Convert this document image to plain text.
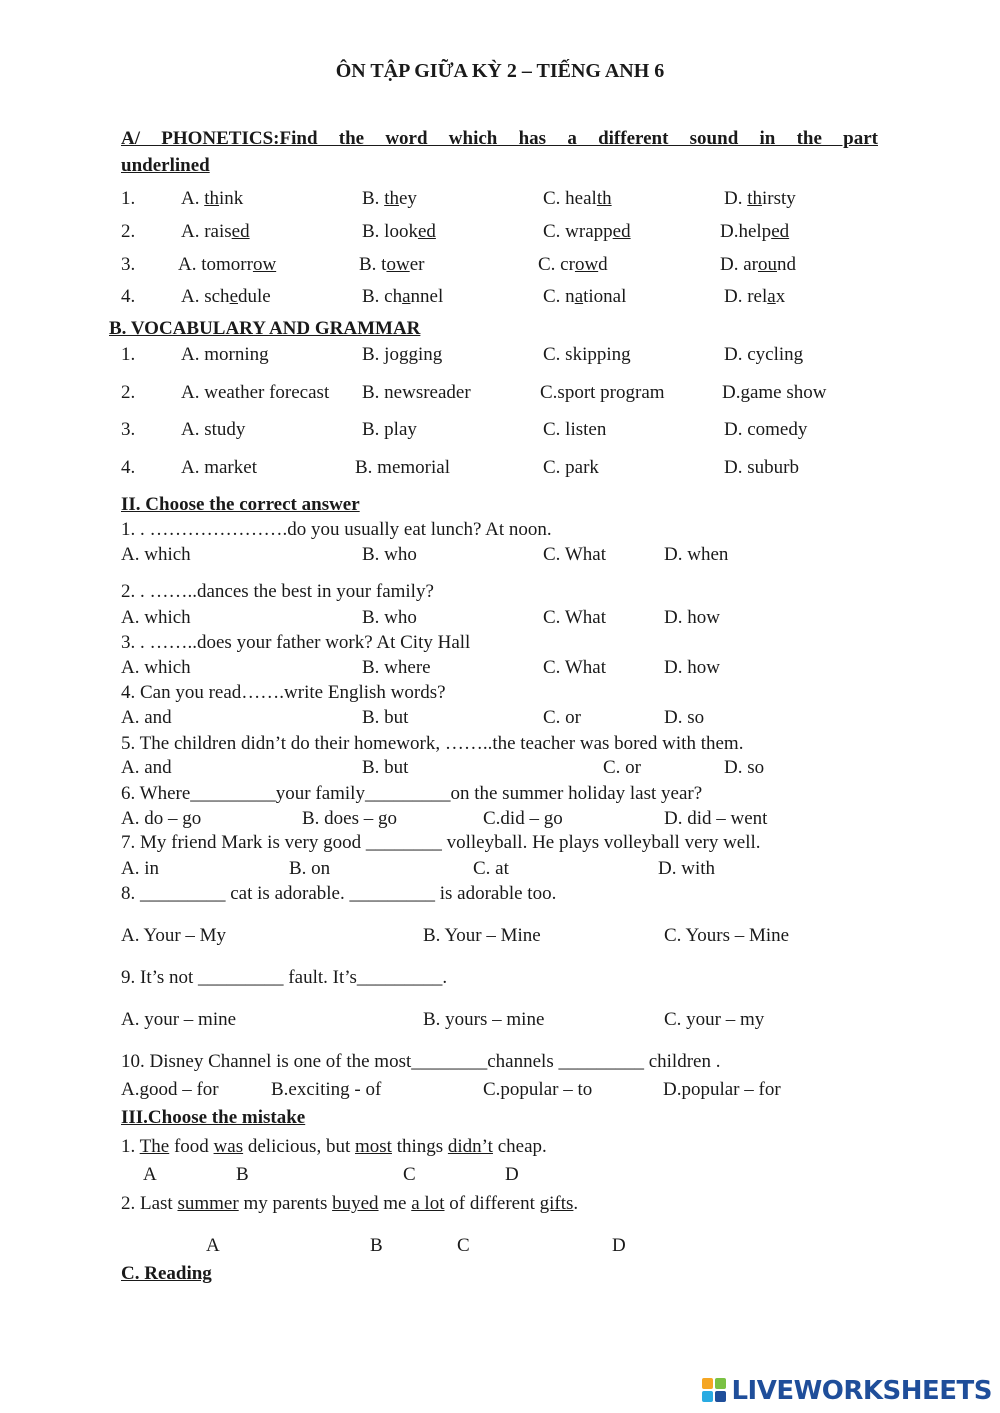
ÔN TẬP GIỮA KỲ 2 – TIẾNG ANH 6
A/ PHONETICS:Find the word which has a different sound in the part
underlined
1. A. think	B. they	C. health	D. thirsty
2. A. raised	B. looked	C. wrapped	D.helped
3. A. tomorrow	B. tower	C. crowd	D. around
4. A. schedule	B. channel	C. national	D. relax
B. VOCABULARY AND GRAMMAR
1. A. morning	B. jogging	C. skipping	D. cycling
2. A. weather forecast B. newsreader	C.sport program	D.game show
3. A. study	B. play	C. listen	D. comedy
4. A. market	B. memorial	C. park	D. suburb
II. Choose the correct answer
1. . ………………….do you usually eat lunch? At noon.
A. which	B. who	C. What	D. when
2. . ……..dances the best in your family?
A. which	B. who	C. What	D. how
3. . ……..does your father work? At City Hall
A. which	B. where	C. What	D. how
4. Can you read…….write English words?
A. and	B. but	C. or	D. so
5. The children didn’t do their homework, ……..the teacher was bored with them.
A. and	B. but	C. or	D. so
6. Where_________your family_________on the summer holiday last year?
A. do – go	B. does – go	C.did – go	D. did – went
7. My friend Mark is very good ________ volleyball. He plays volleyball very well.
A. in	B. on	C. at	D. with
8. _________ cat is adorable. _________ is adorable too.
A. Your – My	B. Your – Mine	C. Yours – Mine
9. It’s not _________ fault. It’s_________.
A. your – mine	B. yours – mine	C. your – my
10. Disney Channel is one of the most________channels _________ children .
A.good – for	B.exciting - of	C.popular – to	D.popular – for
III.Choose the mistake
1. The food was delicious, but most things didn’t cheap.
A	B	C	D
2. Last summer my parents buyed me a lot of different gifts.
A	B	C	D
C. Reading
LIVEWORKSHEETS
